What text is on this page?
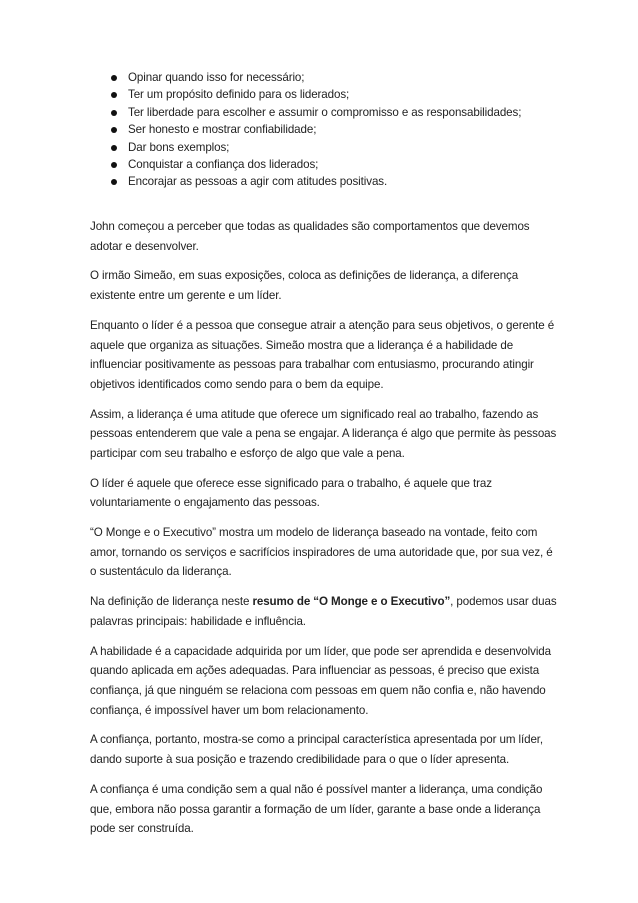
Opinar quando isso for necessário;
Ter um propósito definido para os liderados;
Ter liberdade para escolher e assumir o compromisso e as responsabilidades;
Ser honesto e mostrar confiabilidade;
Dar bons exemplos;
Conquistar a confiança dos liderados;
Encorajar as pessoas a agir com atitudes positivas.

John começou a perceber que todas as qualidades são comportamentos que devemos adotar e desenvolver.

O irmão Simeão, em suas exposições, coloca as definições de liderança, a diferença existente entre um gerente e um líder.

Enquanto o líder é a pessoa que consegue atrair a atenção para seus objetivos, o gerente é aquele que organiza as situações. Simeão mostra que a liderança é a habilidade de influenciar positivamente as pessoas para trabalhar com entusiasmo, procurando atingir objetivos identificados como sendo para o bem da equipe.

Assim, a liderança é uma atitude que oferece um significado real ao trabalho, fazendo as pessoas entenderem que vale a pena se engajar. A liderança é algo que permite às pessoas participar com seu trabalho e esforço de algo que vale a pena.

O líder é aquele que oferece esse significado para o trabalho, é aquele que traz voluntariamente o engajamento das pessoas.

“O Monge e o Executivo” mostra um modelo de liderança baseado na vontade, feito com amor, tornando os serviços e sacrifícios inspiradores de uma autoridade que, por sua vez, é o sustentáculo da liderança.

Na definição de liderança neste resumo de “O Monge e o Executivo”, podemos usar duas palavras principais: habilidade e influência.

A habilidade é a capacidade adquirida por um líder, que pode ser aprendida e desenvolvida quando aplicada em ações adequadas. Para influenciar as pessoas, é preciso que exista confiança, já que ninguém se relaciona com pessoas em quem não confia e, não havendo confiança, é impossível haver um bom relacionamento.

A confiança, portanto, mostra-se como a principal característica apresentada por um líder, dando suporte à sua posição e trazendo credibilidade para o que o líder apresenta.

A confiança é uma condição sem a qual não é possível manter a liderança, uma condição que, embora não possa garantir a formação de um líder, garante a base onde a liderança pode ser construída.
